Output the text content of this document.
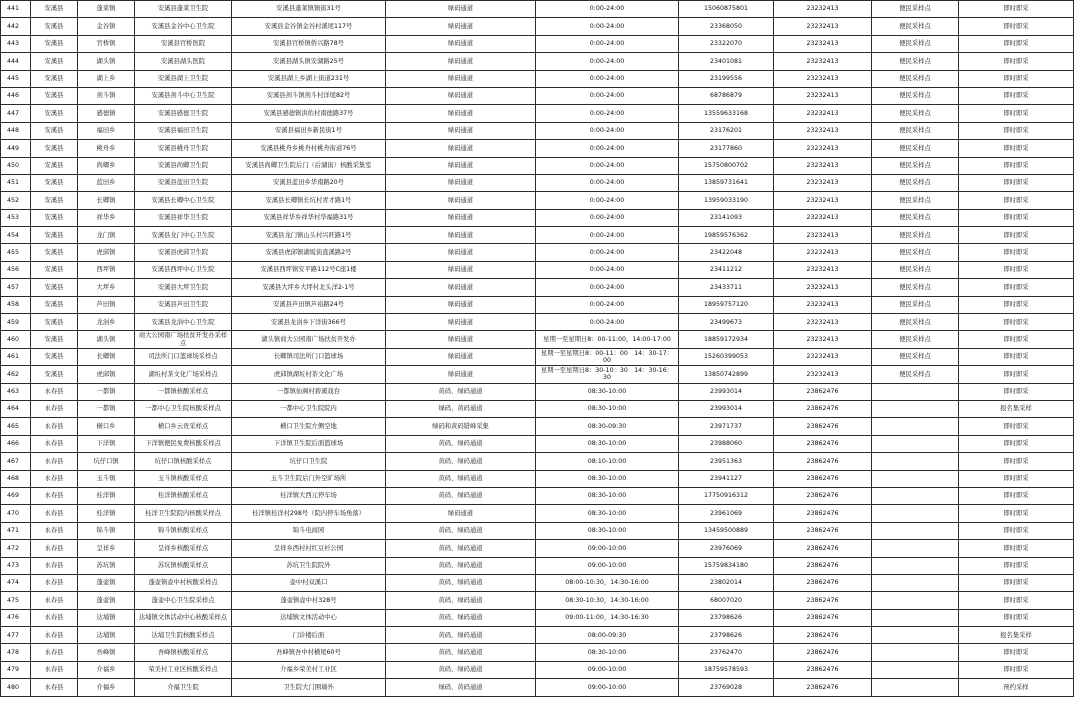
441	安溪县	蓬莱镇	安溪县蓬莱卫生院	安溪县蓬莱镇镇街31号	绿码通道	0:00-24:00	15060875801	23232413	便民采样点	即时即采
442	安溪县	金谷镇	安溪县金谷中心卫生院	安溪县金谷镇金谷村溪尾117号	绿码通道	0:00-24:00	23368050	23232413	便民采样点	即时即采
443	安溪县	官桥镇	安溪县官桥医院	安溪县官桥镇侨兴路78号	绿码通道	0:00-24:00	23322070	23232413	便民采样点	即时即采
444	安溪县	湖头镇	安溪县湖头医院	安溪县湖头镇安湖路25号	绿码通道	0:00-24:00	23401081	23232413	便民采样点	即时即采
445	安溪县	湖上乡	安溪县湖上卫生院	安溪县湖上乡湖上街道231号	绿码通道	0:00-24:00	23199556	23232413	便民采样点	即时即采
446	安溪县	剑斗镇	安溪县剑斗中心卫生院	安溪县剑斗镇剑斗村洋尾82号	绿码通道	0:00-24:00	68786879	23232413	便民采样点	即时即采
447	安溪县	感德镇	安溪县感德卫生院	安溪县感德镇洪佑村南德路37号	绿码通道	0:00-24:00	13559633168	23232413	便民采样点	即时即采
448	安溪县	福田乡	安溪县福田卫生院	安溪县福田乡新民街1号	绿码通道	0:00-24:00	23176201	23232413	便民采样点	即时即采
449	安溪县	桃舟乡	安溪县桃舟卫生院	安溪县桃舟乡桃舟村桃舟街道76号	绿码通道	0:00-24:00	23177860	23232413	便民采样点	即时即采
450	安溪县	尚卿乡	安溪县尚卿卫生院	安溪县尚卿卫生院后门（后湖街）核酸采集室	绿码通道	0:00-24:00	15750800702	23232413	便民采样点	即时即采
451	安溪县	蓝田乡	安溪县蓝田卫生院	安溪县蓝田乡华南路20号	绿码通道	0:00-24:00	13859731641	23232413	便民采样点	即时即采
452	安溪县	长卿镇	安溪县长卿中心卫生院	安溪县长卿镇长坑村青才路1号	绿码通道	0:00-24:00	13959033190	23232413	便民采样点	即时即采
453	安溪县	祥华乡	安溪县祥华卫生院	安溪县祥华乡祥华村华福路31号	绿码通道	0:00-24:00	23141093	23232413	便民采样点	即时即采
454	安溪县	龙门镇	安溪县龙门中心卫生院	安溪县龙门镇山头村兴旺路1号	绿码通道	0:00-24:00	19859576362	23232413	便民采样点	即时即采
455	安溪县	虎邱镇	安溪县虎邱卫生院	安溪县虎邱镇湖坂街直溪路2号	绿码通道	0:00-24:00	23422048	23232413	便民采样点	即时即采
456	安溪县	西坪镇	安溪县西坪中心卫生院	安溪县西坪镇安平路112号C座1楼	绿码通道	0:00-24:00	23411212	23232413	便民采样点	即时即采
457	安溪县	大坪乡	安溪县大坪卫生院	安溪县大坪乡大坪村北头洋2-1号	绿码通道	0:00-24:00	23433711	23232413	便民采样点	即时即采
458	安溪县	芦田镇	安溪县芦田卫生院	安溪县芦田镇芦裕路24号	绿码通道	0:00-24:00	18959757120	23232413	便民采样点	即时即采
459	安溪县	龙涓乡	安溪县龙涓中心卫生院	安溪县龙涓乡下洋街366号	绿码通道	0:00-24:00	23499673	23232413	便民采样点	即时即采
460	安溪县	湖头镇	商大公园南广场扶贫开发办采样点	湖头镇商大公园南广场扶贫开发办	绿码通道	星期一至星期日8：00-11:00，14:00-17:00	18859172934	23232413	便民采样点	即时即采
461	安溪县	长卿镇	司法所门口篮球场采样点	长卿镇司法所门口篮球场	绿码通道	星期一至星期日8：00-11：00　14：30-17：00	15260399053	23232413	便民采样点	即时即采
462	安溪县	虎邱镇	湖坵村茶文化广场采样点	虎邱镇湖坵村茶文化广场	绿码通道	星期一至星期日8：30-10：30　14：30-16：30	13850742899	23232413	便民采样点	即时即采
463	永春县	一都镇	一都镇核酸采样点	一都镇仙阁村碧溪戏台	黄码、绿码通道	08:30-10:00	23993014	23862476		即时即采
464	永春县	一都镇	一都中心卫生院核酸采样点	一都中心卫生院院内	绿码、黄码通道	08:30-10:00	23993014	23862476		报名集采样
465	永春县	横口乡	横口乡云贵采样点	横口卫生院左侧空地	绿码和黄码错峰采集	08:30-09:30	23971737	23862476		即时即采
466	永春县	下洋镇	下洋镇便民免费核酸采样点	下洋镇卫生院后面篮球场	黄码、绿码通道	08:30-10:00	23988060	23862476		即时即采
467	永春县	坑仔口镇	坑仔口镇核酸采样点	坑仔口卫生院	黄码、绿码通道	08:10-10:00	23951363	23862476		即时即采
468	永春县	玉斗镇	玉斗镇核酸采样点	玉斗卫生院后门外空旷场所	黄码、绿码通道	08:30-10:00	23941127	23862476		即时即采
469	永春县	桂洋镇	桂洋镇核酸采样点	桂洋镇大西元停车场	黄码、绿码通道	08:30-10:00	17750916312	23862476		即时即采
470	永春县	桂洋镇	桂洋卫生院院内核酸采样点	桂洋镇桂洋村298号（院内停车场角落）	绿码通道	08:30-10:00	23961069	23862476		即时即采
471	永春县	锦斗镇	锦斗镇核酸采样点	锦斗电商园	黄码、绿码通道	08:30-10:00	13459500889	23862476		即时即采
472	永春县	呈祥乡	呈祥乡核酸采样点	呈祥乡西村村红豆杉公园	黄码、绿码通道	09:00-10:00	23976069	23862476		即时即采
473	永春县	苏坑镇	苏坑镇核酸采样点	苏坑卫生院院外	黄码、绿码通道	09:00-10:00	15759834180	23862476		即时即采
474	永春县	蓬壶镇	蓬壶镇壶中村核酸采样点	壶中村双溪口	黄码、绿码通道	08:00-10:30，14:30-16:00	23802014	23862476		即时即采
475	永春县	蓬壶镇	蓬壶中心卫生院采样点	蓬壶镇壶中村328号	黄码、绿码通道	08:30-10:30，14:30-16:00	68007020	23862476		即时即采
476	永春县	达埔镇	达埔镇文体活动中心核酸采样点	达埔镇文体活动中心	黄码、绿码通道	09:00-11:00，14:30-16:30	23798626	23862476		即时即采
477	永春县	达埔镇	达埔卫生院核酸采样点	门诊楼后面	黄码、绿码通道	08:00-09:30	23798626	23862476		报名集采样
478	永春县	吾峰镇	吾峰镇核酸采样点	吾峰镇吾中村横尾60号	黄码、绿码通道	08:30-10:00	23762470	23862476		即时即采
479	永春县	介福乡	荣美村工业区核酸采样点	介福乡荣美村工业区	黄码、绿码通道	09:00-10:00	18759578593	23862476		即时即采
480	永春县	介福乡	介福卫生院	卫生院大门围墙外	绿码、黄码通道	09:00-10:00	23769028	23862476		预约采样
